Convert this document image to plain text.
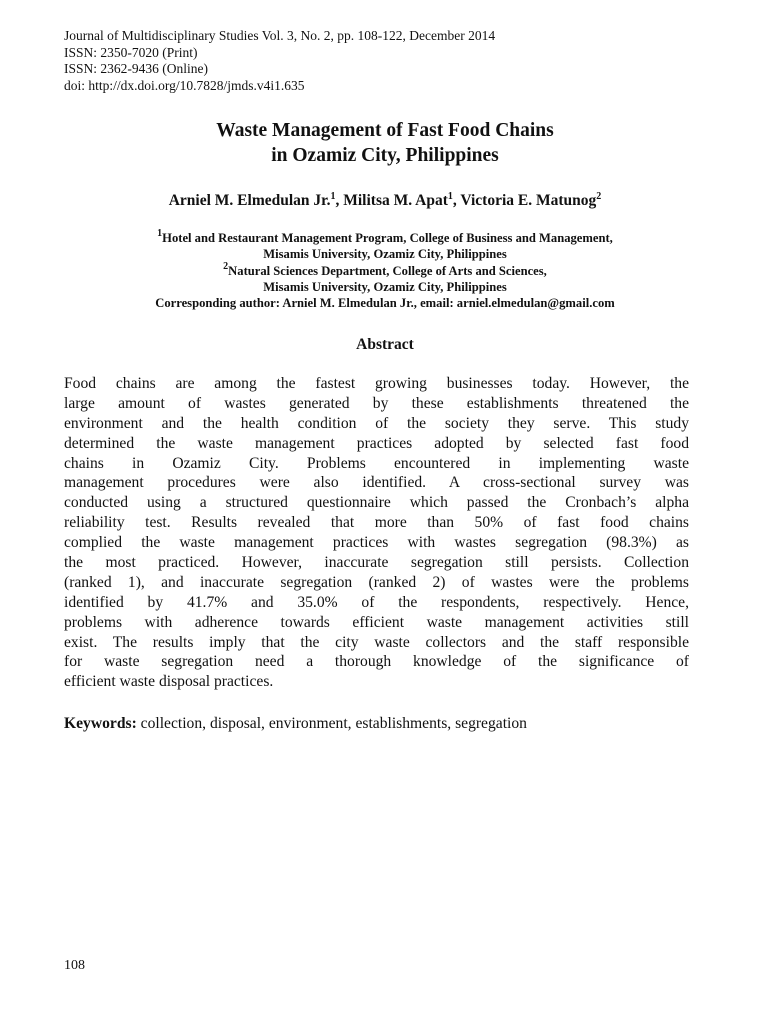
Journal of Multidisciplinary Studies Vol. 3, No. 2, pp. 108-122, December 2014
ISSN: 2350-7020 (Print)
ISSN: 2362-9436 (Online)
doi: http://dx.doi.org/10.7828/jmds.v4i1.635
Waste Management of Fast Food Chains
in Ozamiz City, Philippines
Arniel M. Elmedulan Jr.$^1$, Militsa M. Apat$^1$, Victoria E. Matunog$^2$
$^1$Hotel and Restaurant Management Program, College of Business and Management,
Misamis University, Ozamiz City, Philippines
$^2$Natural Sciences Department, College of Arts and Sciences,
Misamis University, Ozamiz City, Philippines
Corresponding author: Arniel M. Elmedulan Jr., email: arniel.elmedulan@gmail.com
Abstract
Food chains are among the fastest growing businesses today. However, the
large amount of wastes generated by these establishments threatened the
environment and the health condition of the society they serve. This study
determined the waste management practices adopted by selected fast food
chains in Ozamiz City. Problems encountered in implementing waste
management procedures were also identified. A cross-sectional survey was
conducted using a structured questionnaire which passed the Cronbach’s alpha
reliability test. Results revealed that more than 50% of fast food chains
complied the waste management practices with wastes segregation (98.3%) as
the most practiced. However, inaccurate segregation still persists. Collection
(ranked 1), and inaccurate segregation (ranked 2) of wastes were the problems
identified by 41.7% and 35.0% of the respondents, respectively. Hence,
problems with adherence towards efficient waste management activities still
exist. The results imply that the city waste collectors and the staff responsible
for waste segregation need a thorough knowledge of the significance of
efficient waste disposal practices.
Keywords: collection, disposal, environment, establishments, segregation
108
